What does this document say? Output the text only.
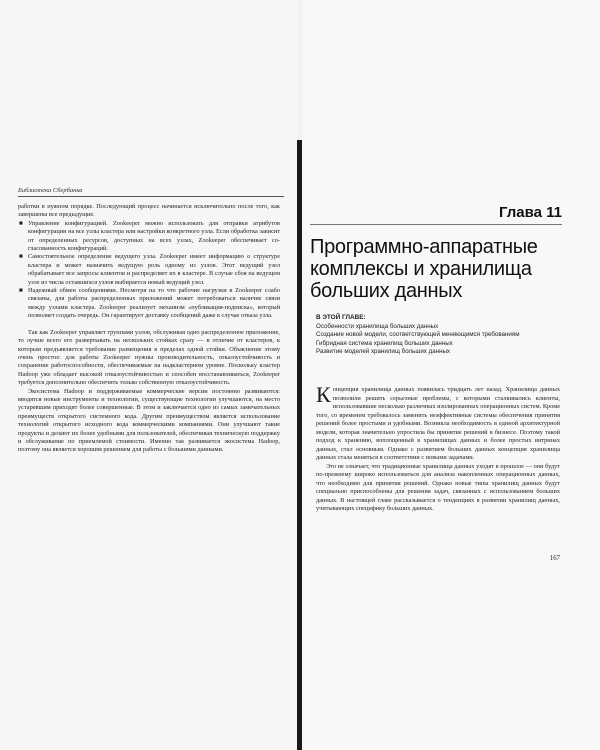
Библиотека Сбербанка

работки в нужном порядке. Последующий процесс начинается исключительно после того, как завершены все предыдущие.

■ Управление конфигурацией. Zookeeper можно использовать для отправки атрибутов конфигурации на все узлы кластера или настройки конкретного узла. Если обработка зависит от определенных ресурсов, доступных на всех узлах, Zookeeper обеспечивает согласованность конфигураций.
■ Самостоятельное определение ведущего узла. Zookeeper имеет информацию о структуре кластера и может назначить ведущую роль одному из узлов. Этот ведущий узел обрабатывает все запросы клиентов и распределяет их в кластере. В случае сбоя на ведущем узле из числа оставшихся узлов выбирается новый ведущий узел.
■ Надежный обмен сообщениями. Несмотря на то что рабочие нагрузки в Zookeeper слабо связаны, для работы распределенных приложений может потребоваться наличие связи между узлами кластера. Zookeeper реализует механизм «публикация-подписка», который позволяет создать очередь. Он гарантирует доставку сообщений даже в случае отказа узла.

Так как Zookeeper управляет группами узлов, обслуживая одно распределенное приложение, то лучше всего его развертывать на нескольких стойках сразу — в отличие от кластеров, к которым предъявляется требование размещения в пределах одной стойки. Объяснение этому очень простое: для работы Zookeeper нужны производительность, отказоустойчивость и сохранение работоспособности, обеспечиваемые на надкластерном уровне. Поскольку кластер Hadoop уже обладает высокой отказоустойчивостью и способен восстанавливаться, Zookeeper требуется дополнительно обеспечить только собственную отказоустойчивость.

Экосистема Hadoop и поддерживаемые коммерческие версии постоянно развиваются: вводятся новые инструменты и технологии, существующие технологии улучшаются, на место устаревшим приходят более совершенные. В этом и заключается одно из самых замечательных преимуществ открытого системного кода. Другим преимуществом является использование технологий открытого исходного кода коммерческими компаниями. Они улучшают такие продукты и делают их более удобными для пользователей, обеспечивая техническую поддержку и обслуживание по приемлемой стоимости. Именно так развивается экосистема Hadoop, поэтому она является хорошим решением для работы с большими данными.

Глава 11
Программно-аппаратные комплексы и хранилища больших данных
В ЭТОЙ ГЛАВЕ:
Особенности хранилища больших данных
Создание новой модели, соответствующей меняющимся требованиям
Гибридная система хранилищ больших данных
Развитие моделей хранилищ больших данных

Концепция хранилища данных появилась тридцать лет назад. Хранилища данных позволили решить серьезные проблемы, с которыми сталкивались клиенты, использовавшие несколько различных изолированных операционных систем. Кроме того, со временем требовалось заменить неэффективные системы обеспечения принятия решений более простыми и удобными. Возникла необходимость в единой архитектурной модели, которая значительно упростила бы принятие решений в бизнесе. Поэтому такой подход к хранению, воплощенный в хранилищах данных и более простых витринах данных, стал основным. Однако с развитием больших данных концепция хранилища данных стала меняться в соответствии с новыми задачами.

Это не означает, что традиционные хранилища данных уходят в прошлое — они будут по-прежнему широко использоваться для анализа накопленных операционных данных, что необходимо для принятия решений. Однако новые типы хранилищ данных будут специально приспособлены для решения задач, связанных с использованием больших данных. В настоящей главе рассказывается о тенденциях в развитии хранилищ данных, учитывающих специфику больших данных.

167
